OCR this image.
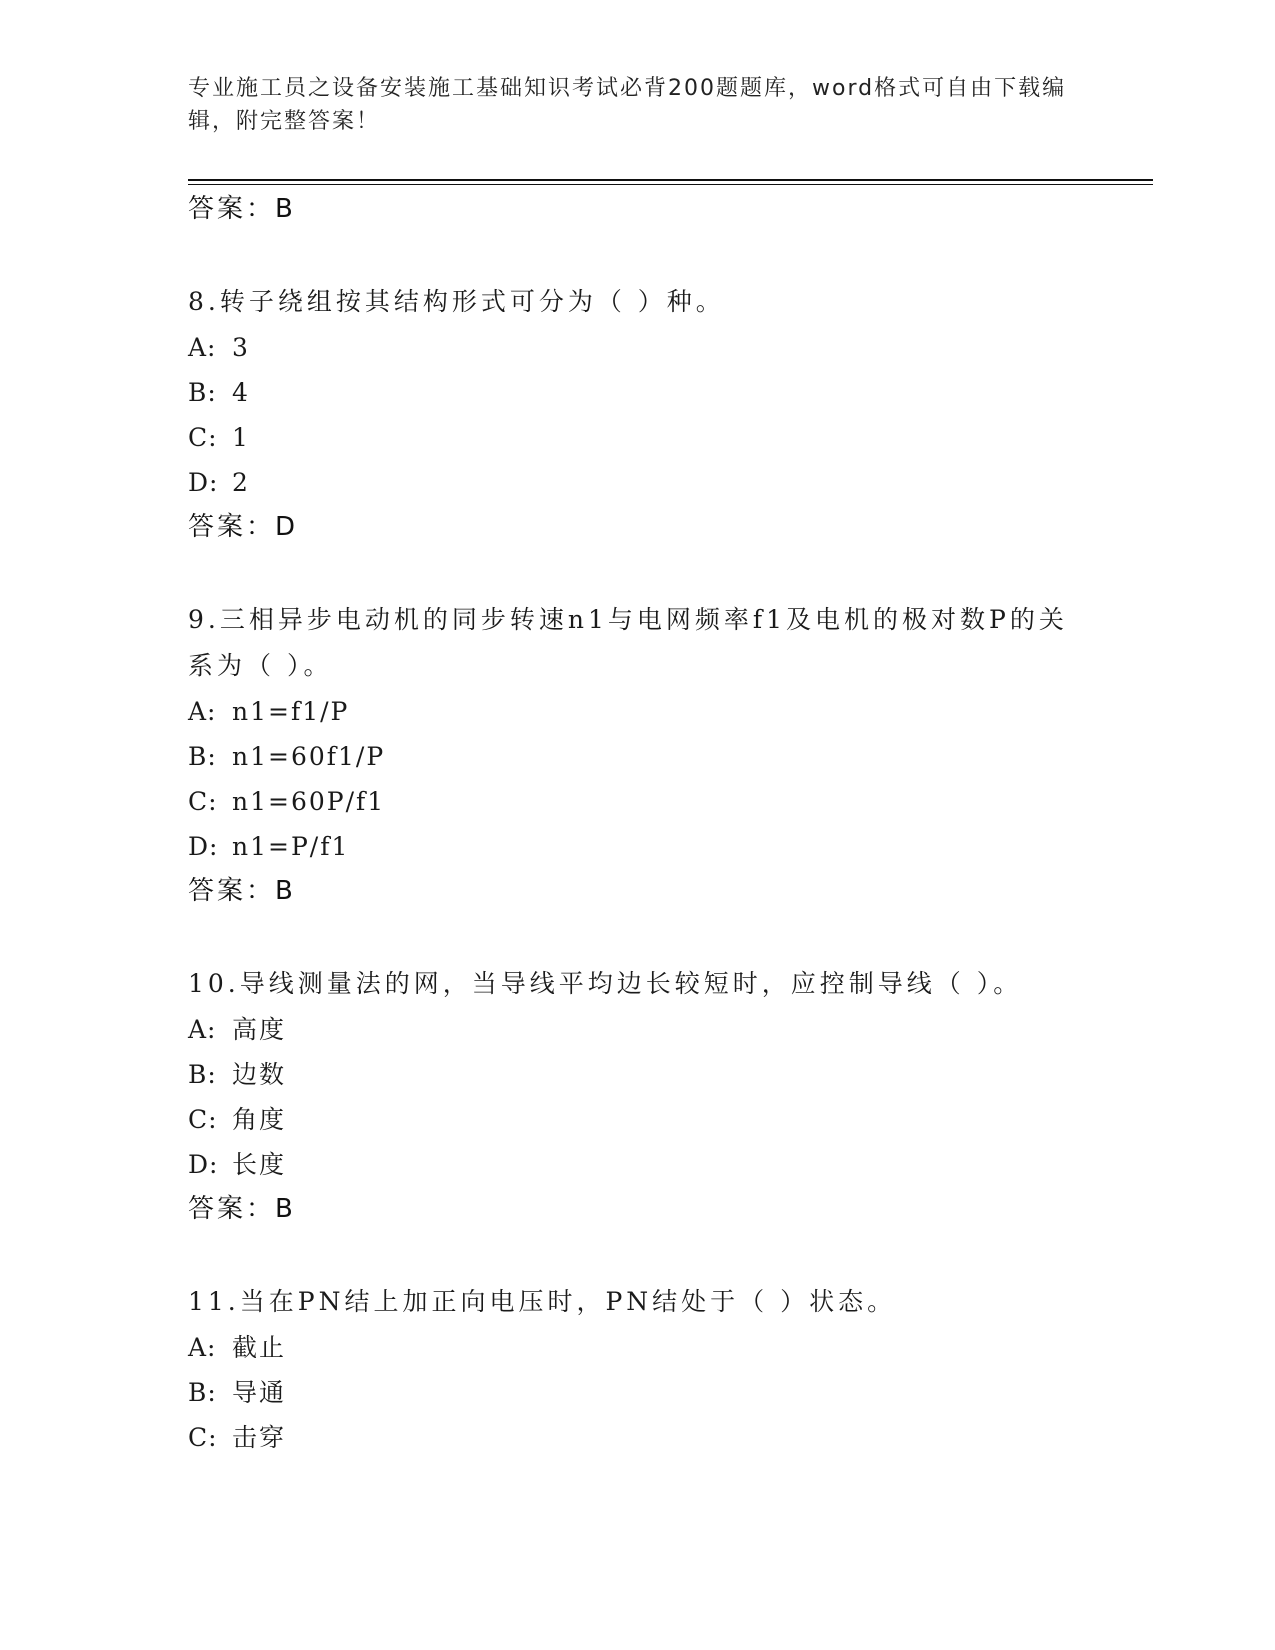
专业施工员之设备安装施工基础知识考试必背200题题库，word格式可自由下载编辑，附完整答案！
答案：B
8.转子绕组按其结构形式可分为（ ）种。
A: 3
B: 4
C: 1
D: 2
答案：D
9.三相异步电动机的同步转速n1与电网频率f1及电机的极对数P的关系为（ ）。
A: n1=f1/P
B: n1=60f1/P
C: n1=60P/f1
D: n1=P/f1
答案：B
10.导线测量法的网，当导线平均边长较短时，应控制导线（ ）。
A: 高度
B: 边数
C: 角度
D: 长度
答案：B
11.当在PN结上加正向电压时，PN结处于（ ）状态。
A: 截止
B: 导通
C: 击穿
